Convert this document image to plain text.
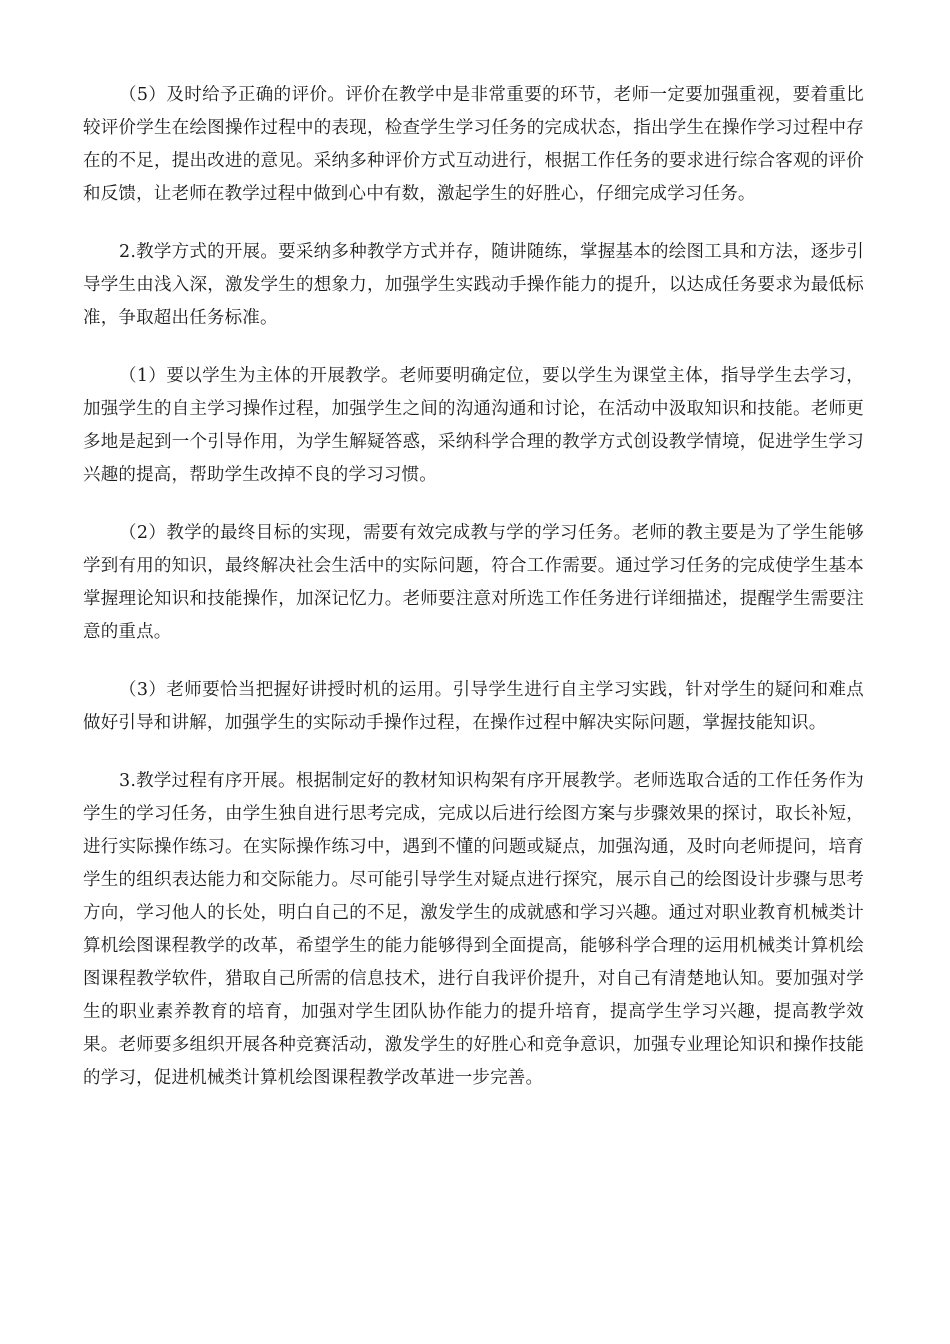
（5）及时给予正确的评价。评价在教学中是非常重要的环节，老师一定要加强重视，要着重比较评价学生在绘图操作过程中的表现，检查学生学习任务的完成状态，指出学生在操作学习过程中存在的不足，提出改进的意见。采纳多种评价方式互动进行，根据工作任务的要求进行综合客观的评价和反馈，让老师在教学过程中做到心中有数，激起学生的好胜心，仔细完成学习任务。

2.教学方式的开展。要采纳多种教学方式并存，随讲随练，掌握基本的绘图工具和方法，逐步引导学生由浅入深，激发学生的想象力，加强学生实践动手操作能力的提升，以达成任务要求为最低标准，争取超出任务标准。

（1）要以学生为主体的开展教学。老师要明确定位，要以学生为课堂主体，指导学生去学习，加强学生的自主学习操作过程，加强学生之间的沟通沟通和讨论，在活动中汲取知识和技能。老师更多地是起到一个引导作用，为学生解疑答惑，采纳科学合理的教学方式创设教学情境，促进学生学习兴趣的提高，帮助学生改掉不良的学习习惯。

（2）教学的最终目标的实现，需要有效完成教与学的学习任务。老师的教主要是为了学生能够学到有用的知识，最终解决社会生活中的实际问题，符合工作需要。通过学习任务的完成使学生基本掌握理论知识和技能操作，加深记忆力。老师要注意对所选工作任务进行详细描述，提醒学生需要注意的重点。

（3）老师要恰当把握好讲授时机的运用。引导学生进行自主学习实践，针对学生的疑问和难点做好引导和讲解，加强学生的实际动手操作过程，在操作过程中解决实际问题，掌握技能知识。

3.教学过程有序开展。根据制定好的教材知识构架有序开展教学。老师选取合适的工作任务作为学生的学习任务，由学生独自进行思考完成，完成以后进行绘图方案与步骤效果的探讨，取长补短，进行实际操作练习。在实际操作练习中，遇到不懂的问题或疑点，加强沟通，及时向老师提问，培育学生的组织表达能力和交际能力。尽可能引导学生对疑点进行探究，展示自己的绘图设计步骤与思考方向，学习他人的长处，明白自己的不足，激发学生的成就感和学习兴趣。通过对职业教育机械类计算机绘图课程教学的改革，希望学生的能力能够得到全面提高，能够科学合理的运用机械类计算机绘图课程教学软件，猎取自己所需的信息技术，进行自我评价提升，对自己有清楚地认知。要加强对学生的职业素养教育的培育，加强对学生团队协作能力的提升培育，提高学生学习兴趣，提高教学效果。老师要多组织开展各种竞赛活动，激发学生的好胜心和竞争意识，加强专业理论知识和操作技能的学习，促进机械类计算机绘图课程教学改革进一步完善。
